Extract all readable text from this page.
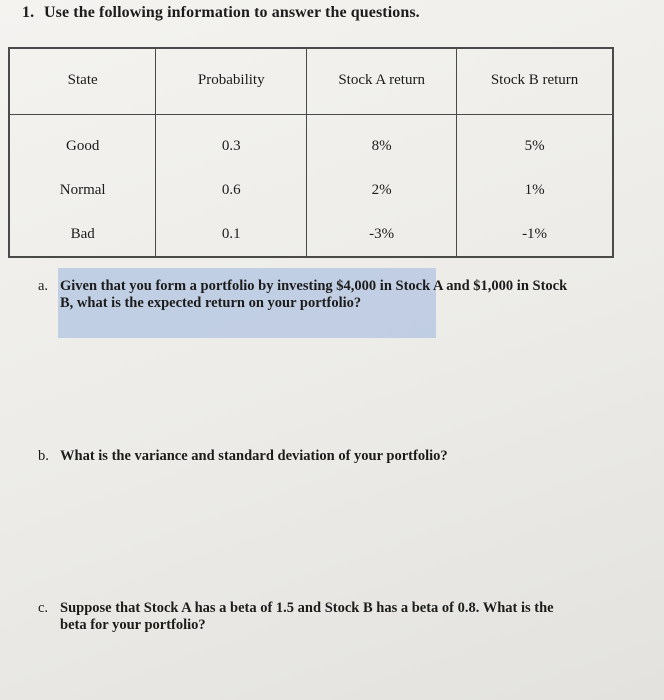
1. Use the following information to answer the questions.
State	Probability	Stock A return	Stock B return
Good	0.3	8%	5%
Normal	0.6	2%	1%
Bad	0.1	-3%	-1%
a. Given that you form a portfolio by investing $4,000 in Stock A and $1,000 in Stock B, what is the expected return on your portfolio?
b. What is the variance and standard deviation of your portfolio?
c. Suppose that Stock A has a beta of 1.5 and Stock B has a beta of 0.8. What is the beta for your portfolio?
